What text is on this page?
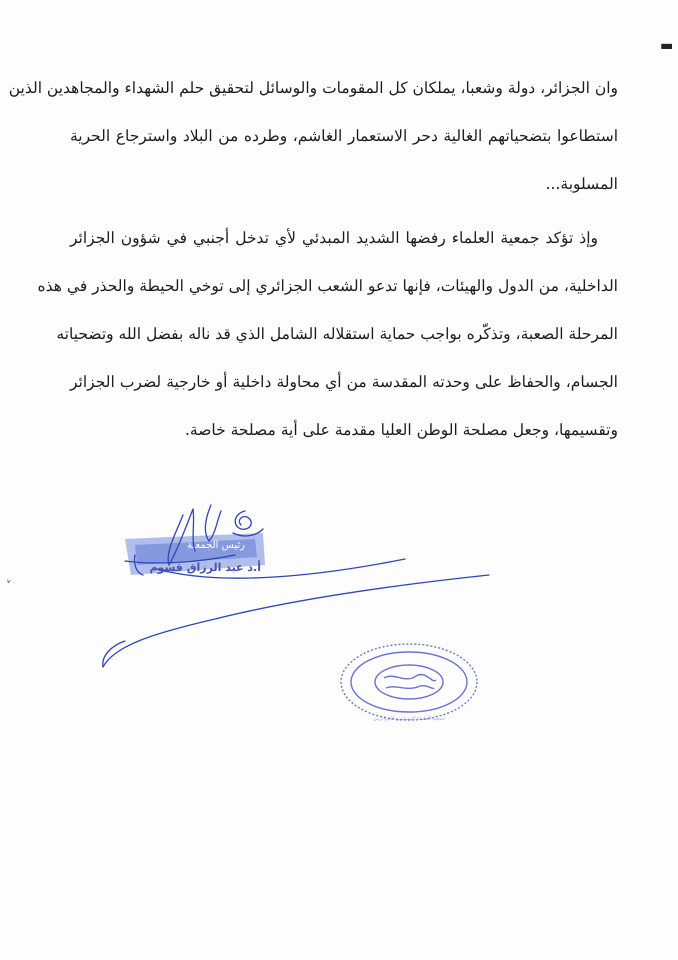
▬
ᵛ
وان الجزائر، دولة وشعبا، يملكان كل المقومات والوسائل لتحقيق حلم الشهداء والمجاهدين الذين
استطاعوا بتضحياتهم الغالية دحر الاستعمار الغاشم، وطرده من البلاد واسترجاع الحرية
المسلوبة...
وإذ تؤكد جمعية العلماء رفضها الشديد المبدئي لأي تدخل أجنبي في شؤون الجزائر
الداخلية، من الدول والهيئات، فإنها تدعو الشعب الجزائري إلى توخي الحيطة والحذر في هذه
المرحلة الصعبة، وتذكّره بواجب حماية استقلاله الشامل الذي قد ناله بفضل الله وتضحياته
الجسام، والحفاظ على وحدته المقدسة من أي محاولة داخلية أو خارجية لضرب الجزائر
وتقسيمها، وجعل مصلحة الوطن العليا مقدمة على أية مصلحة خاصة.
رئيس الجمعية
أ.د عبد الرزاق قسوم
جمعية العلماء المسلمين الجزائريين
